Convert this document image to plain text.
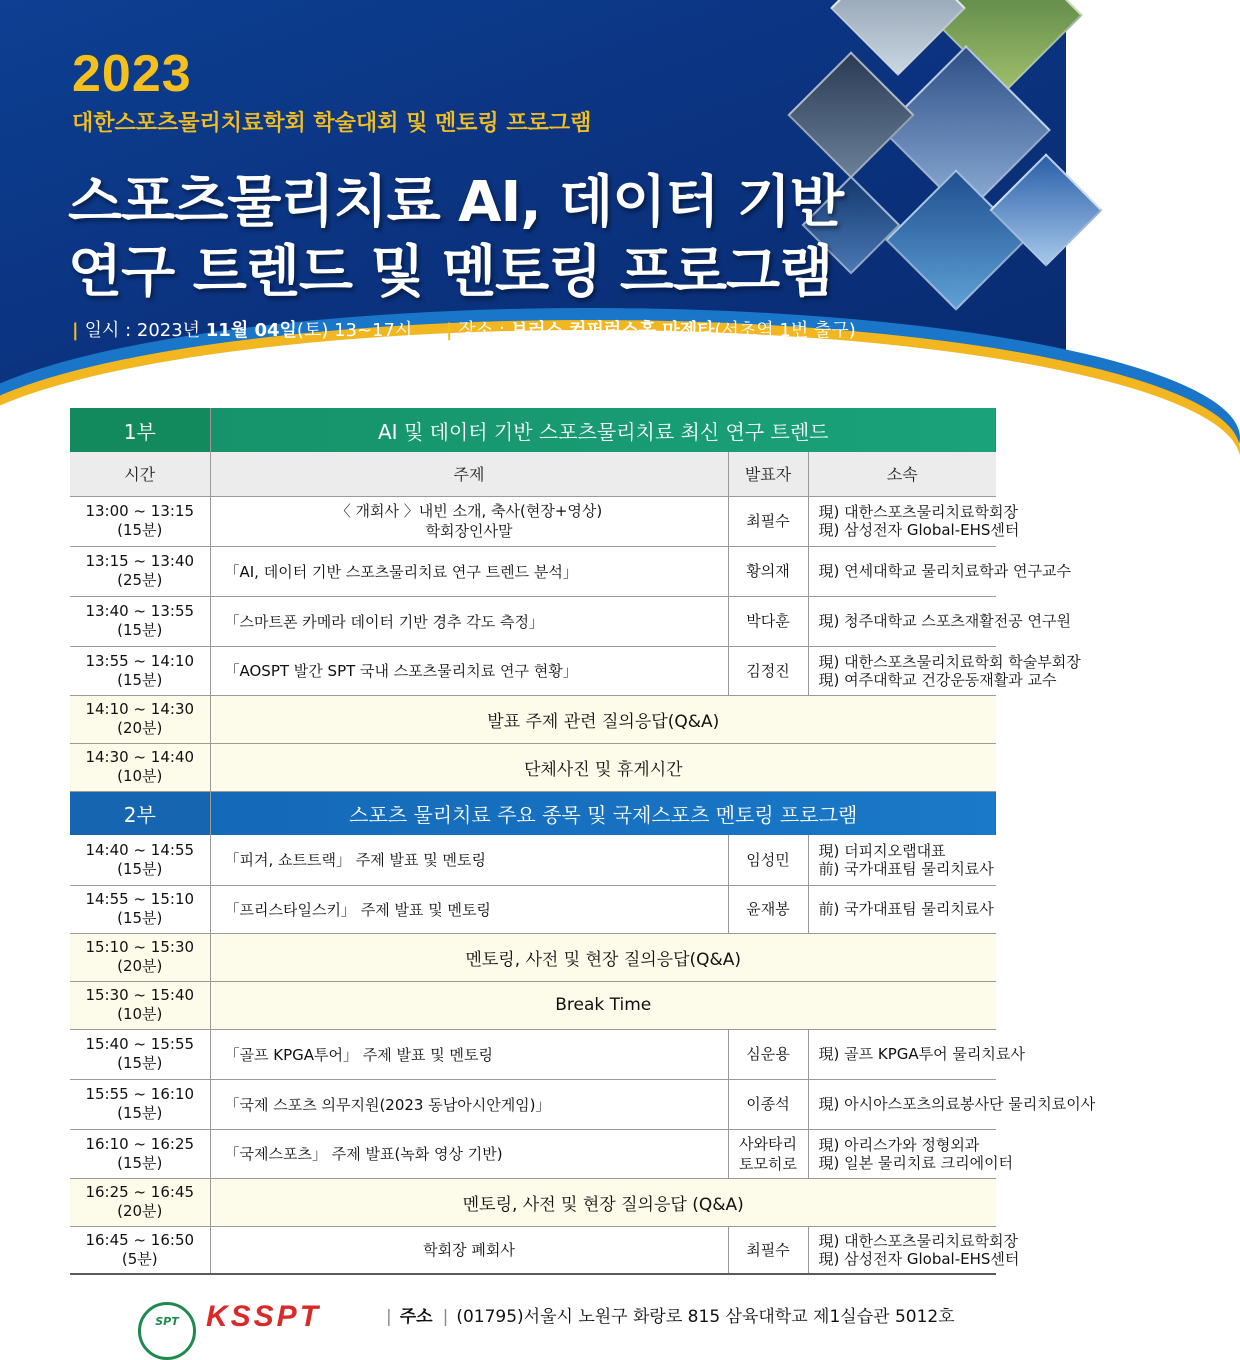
2023
대한스포츠물리치료학회 학술대회 및 멘토링 프로그램
스포츠물리치료 AI, 데이터 기반
연구 트렌드 및 멘토링 프로그램
| 일시 : 2023년 11월 04일(토) 13~17시 | 장소 : 보러스 컨퍼런스홀 마젠타(서초역 1번 출구)
1부	AI 및 데이터 기반 스포츠물리치료 최신 연구 트렌드		
시간	주제	발표자	소속
13:00 ~ 13:15
(15분)	〈 개회사 〉내빈 소개, 축사(현장+영상)
학회장인사말	최필수	現) 대한스포츠물리치료학회장
現) 삼성전자 Global-EHS센터
13:15 ~ 13:40
(25분)	「AI, 데이터 기반 스포츠물리치료 연구 트렌드 분석」	황의재	現) 연세대학교 물리치료학과 연구교수
13:40 ~ 13:55
(15분)	「스마트폰 카메라 데이터 기반 경추 각도 측정」	박다훈	現) 청주대학교 스포츠재활전공 연구원
13:55 ~ 14:10
(15분)	「AOSPT 발간 SPT 국내 스포츠물리치료 연구 현황」	김정진	現) 대한스포츠물리치료학회 학술부회장
現) 여주대학교 건강운동재활과 교수
14:10 ~ 14:30
(20분)	발표 주제 관련 질의응답(Q&A)		
14:30 ~ 14:40
(10분)	단체사진 및 휴게시간		
2부	스포츠 물리치료 주요 종목 및 국제스포츠 멘토링 프로그램		
14:40 ~ 14:55
(15분)	「피겨, 쇼트트랙」 주제 발표 및 멘토링	임성민	現) 더피지오랩대표
前) 국가대표팀 물리치료사
14:55 ~ 15:10
(15분)	「프리스타일스키」 주제 발표 및 멘토링	윤재봉	前) 국가대표팀 물리치료사
15:10 ~ 15:30
(20분)	멘토링, 사전 및 현장 질의응답(Q&A)		
15:30 ~ 15:40
(10분)	Break Time		
15:40 ~ 15:55
(15분)	「골프 KPGA투어」 주제 발표 및 멘토링	심운용	現) 골프 KPGA투어 물리치료사
15:55 ~ 16:10
(15분)	「국제 스포츠 의무지원(2023 동남아시안게임)」	이종석	現) 아시아스포츠의료봉사단 물리치료이사
16:10 ~ 16:25
(15분)	「국제스포츠」 주제 발표(녹화 영상 기반)	사와타리
토모히로	現) 아리스가와 정형외과
現) 일본 물리치료 크리에이터
16:25 ~ 16:45
(20분)	멘토링, 사전 및 현장 질의응답 (Q&A)		
16:45 ~ 16:50
(5분)	학회장 폐회사	최필수	現) 대한스포츠물리치료학회장
現) 삼성전자 Global-EHS센터
SPT KSSPT	| 주소 | (01795)서울시 노원구 화랑로 815 삼육대학교 제1실습관 5012호
